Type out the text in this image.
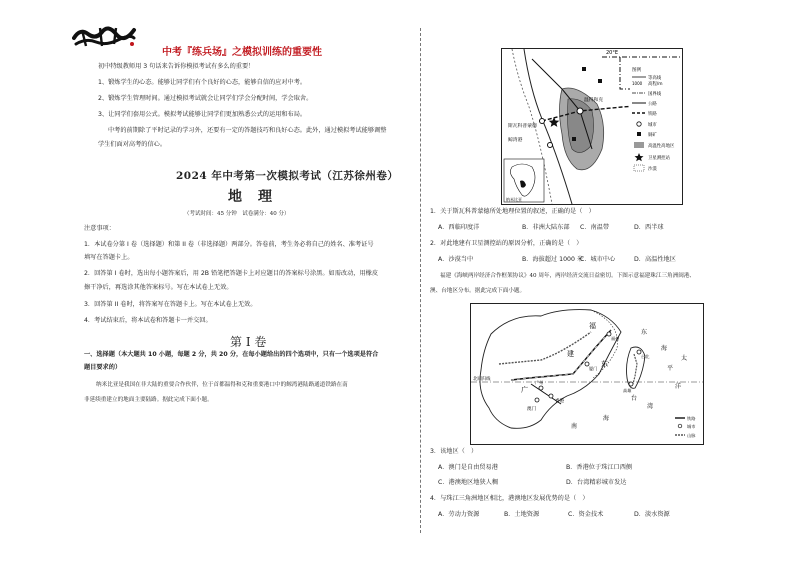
中考『练兵场』之模拟训练的重要性
初中特级教师用 3 句话来告诉你模拟考试有多么的重要！
1、锻炼学生的心态。能够让同学们有个良好的心态，能够自信的应对中考。
2、锻炼学生管理时间。通过模拟考试就会让同学们学会分配时间，学会取舍。
3、让同学们套用公式。模拟考试能够让同学们更加熟悉公式的运用和布局。
中考的前期除了平时记录的学习外，还要有一定的答题技巧和良好心态。此外，通过模拟考试能够调整
学生们面对高考的信心。
2024 年中考第一次模拟考试（江苏徐州卷）
地理
（考试时间：45 分钟　试卷满分：40 分）
注意事项：
1．本试卷分第 I 卷（选择题）和第 II 卷（非选择题）两部分。答卷前，考生务必将自己的姓名、准考证号
填写在答题卡上。
2．回答第 I 卷时，选出每小题答案后，用 2B 铅笔把答题卡上对应题目的答案标号涂黑。如需改动，用橡皮
擦干净后，再选涂其他答案标号。写在本试卷上无效。
3．回答第 II 卷时，将答案写在答题卡上。写在本试卷上无效。
4．考试结束后，将本试卷和答题卡一并交回。
第 I 卷
一、选择题（本大题共 10 小题，每题 2 分，共 20 分，在每小题给出的四个选项中，只有一个选项是符合
题目要求的）
纳米比亚是我国在非大陆的重要合作伙伴，位于首都温得和克和重要港口中的鲸湾港陆路通道铁路在南
非延续重建立的地面主要陆路。据此完成下面小题。
20°E
斯瓦科普蒙德
鲸湾港
温得和克
图例
等高线
高程/m
1000
国界线
公路
铁路
城市
铜矿
高温性高地区
卫星测控站
沙漠
纳米比亚
1．关于斯瓦科普蒙德所处地理位置的叙述，正确的是（　）
A．西临印度洋	B．非洲大陆东部 C．南温带	D．西半球
2．对此地建有卫星测控站的原因分析，正确的是（　）
A．沙漠当中	B．海拔超过 1000 米
C．城市中心	D．高温性地区
福建《海峡两岸经济合作框架协议》40 周年，两岸经济交流日益密切。下图示意福建珠江三角洲闽港、
澳、台地区分布。据此完成下面小题。
福
建
东
海
台
湾
广
香港
澳门
南
海
洋
太
平
东
北回归线
福州
厦门
台北
高雄
广州
铁路
城市
山脉
3．该地区（　）
A．澳门是自由贸易港	B．香港位于珠江口西侧
C．港澳地区地狭人稠	D．台湾精彩城市发达
4．与珠江三角洲地区相比，港澳地区发展优势的是（　）
A．劳动力资源	B．土地资源	C．资金技术	D．淡水资源
